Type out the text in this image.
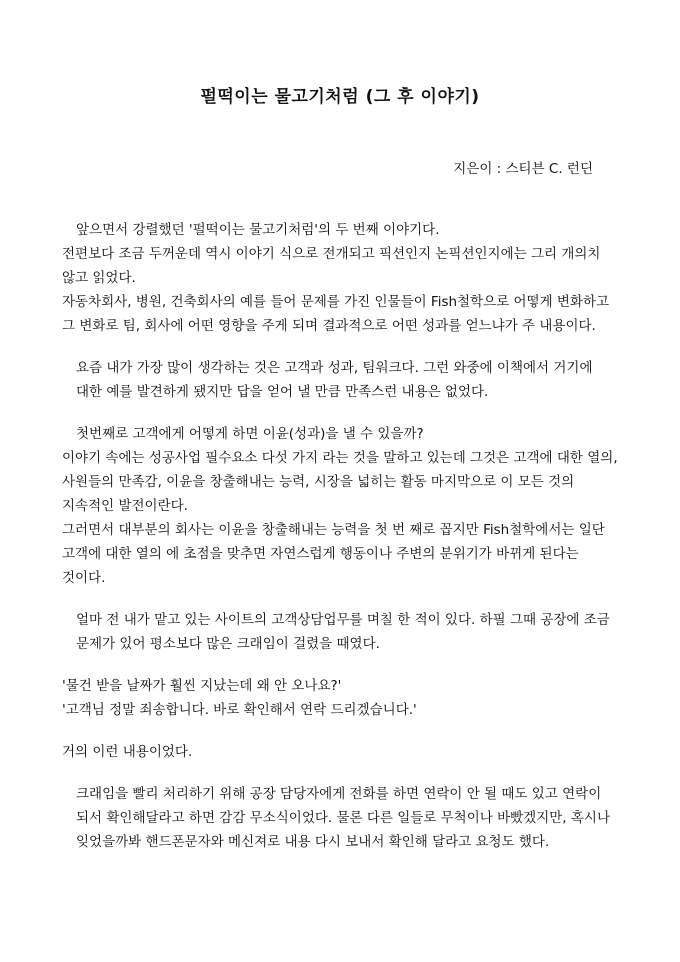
펄떡이는 물고기처럼 (그 후 이야기)

지은이 : 스티븐 C. 런딘

앞으면서 강렬했던 '펄떡이는 물고기처럼'의 두 번째 이야기다.
전편보다 조금 두꺼운데 역시 이야기 식으로 전개되고 픽션인지 논픽션인지에는 그리 개의치 않고 읽었다.
자동차회사, 병원, 건축회사의 예를 들어 문제를 가진 인물들이 Fish철학으로 어떻게 변화하고 그 변화로 팀, 회사에 어떤 영향을 주게 되며 결과적으로 어떤 성과를 얻느냐가 주 내용이다.
요즘 내가 가장 많이 생각하는 것은 고객과 성과, 팀워크다. 그런 와중에 이책에서 거기에 대한 예를 발견하게 됐지만 답을 얻어 낼 만큼 만족스런 내용은 없었다.
첫번째로 고객에게 어떻게 하면 이윤(성과)을 낼 수 있을까?
이야기 속에는 성공사업 필수요소 다섯 가지 라는 것을 말하고 있는데 그것은 고객에 대한 열의, 사원들의 만족감, 이윤을 창출해내는 능력, 시장을 넓히는 활동 마지막으로 이 모든 것의 지속적인 발전이란다.
그러면서 대부분의 회사는 이윤을 창출해내는 능력을 첫 번 째로 꼽지만 Fish철학에서는 일단 고객에 대한 열의 에 초점을 맞추면 자연스럽게 행동이나 주변의 분위기가 바뀌게 된다는 것이다.
얼마 전 내가 맡고 있는 사이트의 고객상담업무를 며칠 한 적이 있다. 하필 그때 공장에 조금 문제가 있어 평소보다 많은 크래임이 걸렸을 때였다.
'물건 받을 날짜가 훨씬 지났는데 왜 안 오나요?'
'고객님 정말 죄송합니다. 바로 확인해서 연락 드리겠습니다.'
거의 이런 내용이었다.
크래임을 빨리 처리하기 위해 공장 담당자에게 전화를 하면 연락이 안 될 때도 있고 연락이 되서 확인해달라고 하면 감감 무소식이었다. 물론 다른 일들로 무척이나 바빴겠지만, 혹시나 잊었을까봐 핸드폰문자와 메신져로 내용 다시 보내서 확인해 달라고 요청도 했다.
